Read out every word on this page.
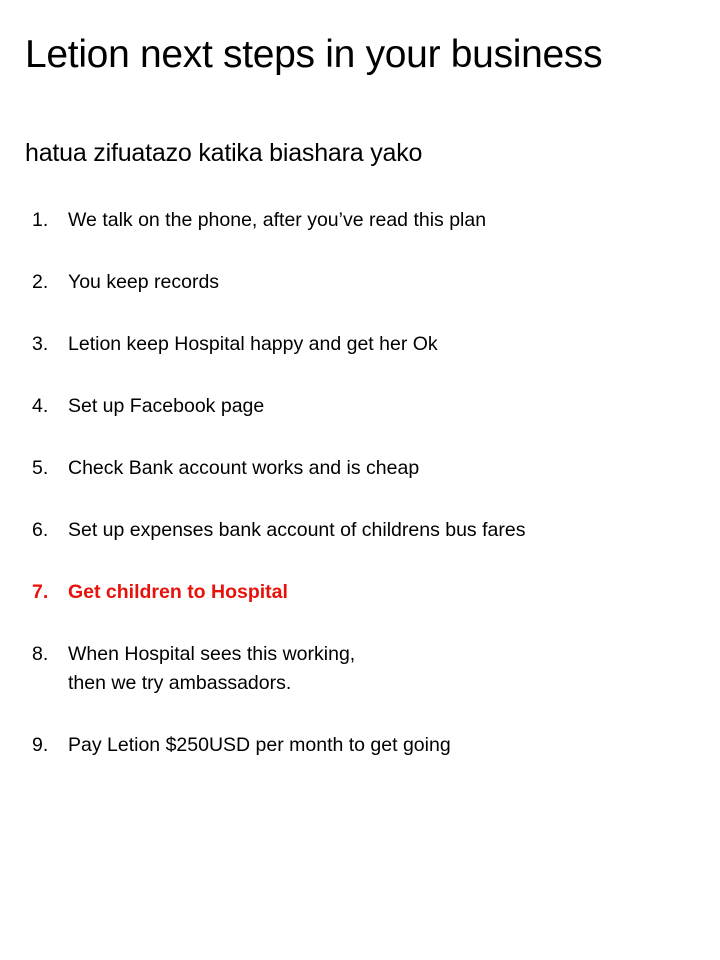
Letion next steps in your business
hatua zifuatazo katika biashara yako
1.	We talk on the phone, after you’ve read this plan
2.	You keep records
3.	Letion keep Hospital happy and get her Ok
4.	Set up Facebook page
5.	Check Bank account works and is cheap
6.	Set up expenses bank account of childrens bus fares
7.	Get children to Hospital
8.	When Hospital sees this working,
then we try ambassadors.
9.	Pay Letion $250USD per month to get going
